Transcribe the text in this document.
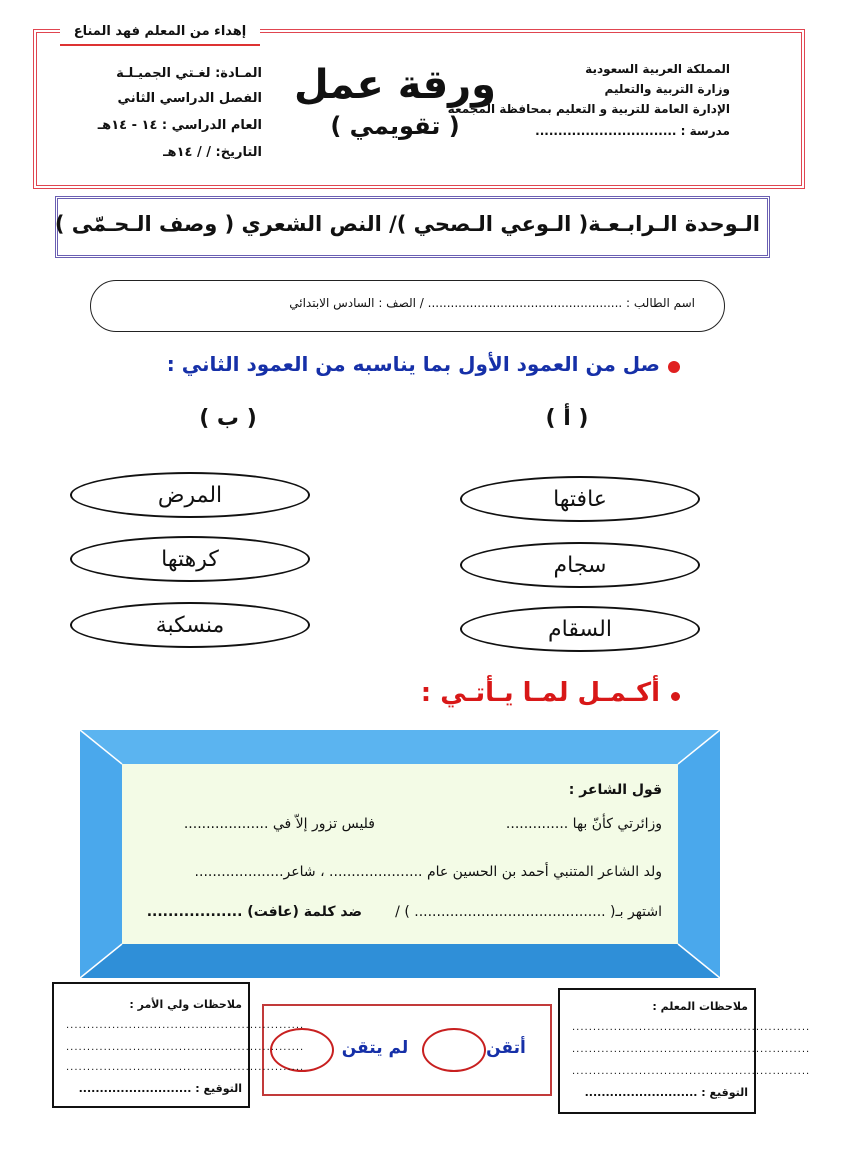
إهداء من المعلم فهد المناع
المملكة العربية السعودية
وزارة التربية والتعليم
الإدارة العامة للتربية و التعليم بمحافظة المجمعة
مدرسة : ...............................
ورقة عمل
( تقويمي )
المـادة: لغـتي الجميـلـة
الفصل الدراسي الثاني
العام الدراسي : ١٤ - ١٤هـ
التاريخ: / / ١٤هـ
الـوحدة الـرابـعـة( الـوعي الـصحي )/ النص الشعري ( وصف الـحـمّى )
اسم الطالب : ................................................... / الصف : السادس الابتدائي
صل من العمود الأول بما يناسبه من العمود الثاني :
( أ )
( ب )
عافتها
سجام
السقام
المرض
كرهتها
منسكبة
أكـمـل لمـا يـأتـي :
قول الشاعر :
وزائرتي كأنّ بها ..............
فليس تزور إلاّ في ...................
ولد الشاعر المتنبي أحمد بن الحسين عام ..................... ، شاعر....................
اشتهر بـ( ........................................... ) /
ضد كلمة (عافت) ..................
ملاحظات المعلم :
.........................................................
.........................................................
.........................................................
التوقيع : ...........................
أتقن
لم يتقن
ملاحظات ولي الأمر :
.........................................................
.........................................................
.........................................................
التوقيع : ...........................
